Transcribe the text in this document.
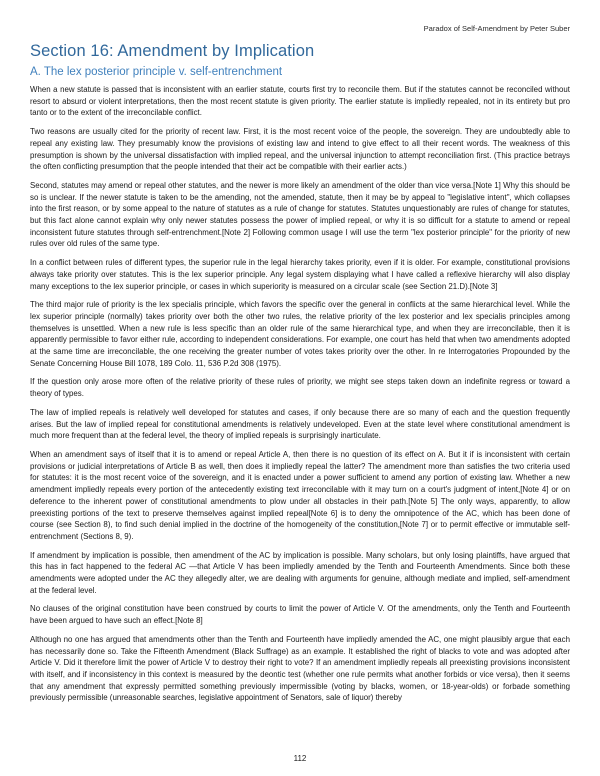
Paradox of Self-Amendment by Peter Suber
Section 16: Amendment by Implication
A. The lex posterior principle v. self-entrenchment

When a new statute is passed that is inconsistent with an earlier statute, courts first try to reconcile them. But if the statutes cannot be reconciled without resort to absurd or violent interpretations, then the most recent statute is given priority. The earlier statute is impliedly repealed, not in its entirety but pro tanto or to the extent of the irreconcilable conflict.

Two reasons are usually cited for the priority of recent law. First, it is the most recent voice of the people, the sovereign. They are undoubtedly able to repeal any existing law. They presumably know the provisions of existing law and intend to give effect to all their recent words. The weakness of this presumption is shown by the universal dissatisfaction with implied repeal, and the universal injunction to attempt reconciliation first. (This practice betrays the often conflicting presumption that the people intended that their act be compatible with their earlier acts.)

Second, statutes may amend or repeal other statutes, and the newer is more likely an amendment of the older than vice versa.[Note 1] Why this should be so is unclear. If the newer statute is taken to be the amending, not the amended, statute, then it may be by appeal to "legislative intent", which collapses into the first reason, or by some appeal to the nature of statutes as a rule of change for statutes. Statutes unquestionably are rules of change for statutes, but this fact alone cannot explain why only newer statutes possess the power of implied repeal, or why it is so difficult for a statute to amend or repeal inconsistent future statutes through self-entrenchment.[Note 2] Following common usage I will use the term "lex posterior principle" for the priority of new rules over old rules of the same type.

In a conflict between rules of different types, the superior rule in the legal hierarchy takes priority, even if it is older. For example, constitutional provisions always take priority over statutes. This is the lex superior principle. Any legal system displaying what I have called a reflexive hierarchy will also display many exceptions to the lex superior principle, or cases in which superiority is measured on a circular scale (see Section 21.D).[Note 3]

The third major rule of priority is the lex specialis principle, which favors the specific over the general in conflicts at the same hierarchical level. While the lex superior principle (normally) takes priority over both the other two rules, the relative priority of the lex posterior and lex specialis principles among themselves is unsettled. When a new rule is less specific than an older rule of the same hierarchical type, and when they are irreconcilable, then it is apparently permissible to favor either rule, according to independent considerations. For example, one court has held that when two amendments adopted at the same time are irreconcilable, the one receiving the greater number of votes takes priority over the other. In re Interrogatories Propounded by the Senate Concerning House Bill 1078, 189 Colo. 11, 536 P.2d 308 (1975).

If the question only arose more often of the relative priority of these rules of priority, we might see steps taken down an indefinite regress or toward a theory of types.

The law of implied repeals is relatively well developed for statutes and cases, if only because there are so many of each and the question frequently arises. But the law of implied repeal for constitutional amendments is relatively undeveloped. Even at the state level where constitutional amendment is much more frequent than at the federal level, the theory of implied repeals is surprisingly inarticulate.

When an amendment says of itself that it is to amend or repeal Article A, then there is no question of its effect on A. But it if is inconsistent with certain provisions or judicial interpretations of Article B as well, then does it impliedly repeal the latter? The amendment more than satisfies the two criteria used for statutes: it is the most recent voice of the sovereign, and it is enacted under a power sufficient to amend any portion of existing law. Whether a new amendment impliedly repeals every portion of the antecedently existing text irreconcilable with it may turn on a court's judgment of intent,[Note 4] or on deference to the inherent power of constitutional amendments to plow under all obstacles in their path.[Note 5] The only ways, apparently, to allow preexisting portions of the text to preserve themselves against implied repeal[Note 6] is to deny the omnipotence of the AC, which has been done of course (see Section 8), to find such denial implied in the doctrine of the homogeneity of the constitution,[Note 7] or to permit effective or immutable self-entrenchment (Sections 8, 9).

If amendment by implication is possible, then amendment of the AC by implication is possible. Many scholars, but only losing plaintiffs, have argued that this has in fact happened to the federal AC —that Article V has been impliedly amended by the Tenth and Fourteenth Amendments. Since both these amendments were adopted under the AC they allegedly alter, we are dealing with arguments for genuine, although mediate and implied, self-amendment at the federal level.

No clauses of the original constitution have been construed by courts to limit the power of Article V. Of the amendments, only the Tenth and Fourteenth have been argued to have such an effect.[Note 8]

Although no one has argued that amendments other than the Tenth and Fourteenth have impliedly amended the AC, one might plausibly argue that each has necessarily done so. Take the Fifteenth Amendment (Black Suffrage) as an example. It established the right of blacks to vote and was adopted after Article V. Did it therefore limit the power of Article V to destroy their right to vote? If an amendment impliedly repeals all preexisting provisions inconsistent with itself, and if inconsistency in this context is measured by the deontic test (whether one rule permits what another forbids or vice versa), then it seems that any amendment that expressly permitted something previously impermissible (voting by blacks, women, or 18-year-olds) or forbade something previously permissible (unreasonable searches, legislative appointment of Senators, sale of liquor) thereby

112
